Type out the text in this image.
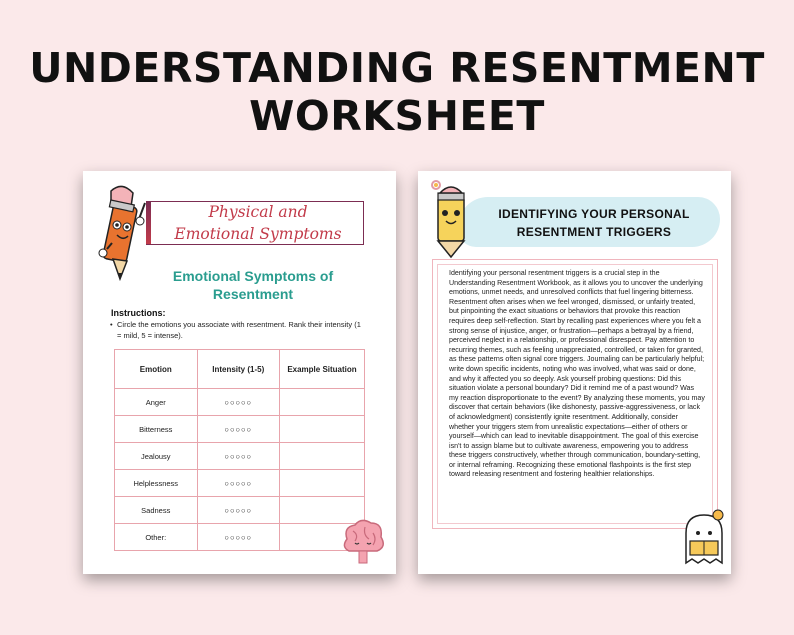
UNDERSTANDING RESENTMENT
WORKSHEET
Physical and
Emotional Symptoms
Emotional Symptoms of
Resentment
Instructions:
• Circle the emotions you associate with resentment. Rank their intensity (1 = mild, 5 = intense).
Emotion	Intensity (1-5)	Example Situation
Anger	○○○○○	
Bitterness	○○○○○	
Jealousy	○○○○○	
Helplessness	○○○○○	
Sadness	○○○○○	
Other:	○○○○○	
IDENTIFYING YOUR PERSONAL
RESENTMENT TRIGGERS
Identifying your personal resentment triggers is a crucial step in the Understanding Resentment Workbook, as it allows you to uncover the underlying emotions, unmet needs, and unresolved conflicts that fuel lingering bitterness. Resentment often arises when we feel wronged, dismissed, or unfairly treated, but pinpointing the exact situations or behaviors that provoke this reaction requires deep self-reflection. Start by recalling past experiences where you felt a strong sense of injustice, anger, or frustration—perhaps a betrayal by a friend, perceived neglect in a relationship, or professional disrespect. Pay attention to recurring themes, such as feeling unappreciated, controlled, or taken for granted, as these patterns often signal core triggers. Journaling can be particularly helpful; write down specific incidents, noting who was involved, what was said or done, and why it affected you so deeply. Ask yourself probing questions: Did this situation violate a personal boundary? Did it remind me of a past wound? Was my reaction disproportionate to the event? By analyzing these moments, you may discover that certain behaviors (like dishonesty, passive-aggressiveness, or lack of acknowledgment) consistently ignite resentment. Additionally, consider whether your triggers stem from unrealistic expectations—either of others or yourself—which can lead to inevitable disappointment. The goal of this exercise isn't to assign blame but to cultivate awareness, empowering you to address these triggers constructively, whether through communication, boundary-setting, or internal reframing. Recognizing these emotional flashpoints is the first step toward releasing resentment and fostering healthier relationships.
